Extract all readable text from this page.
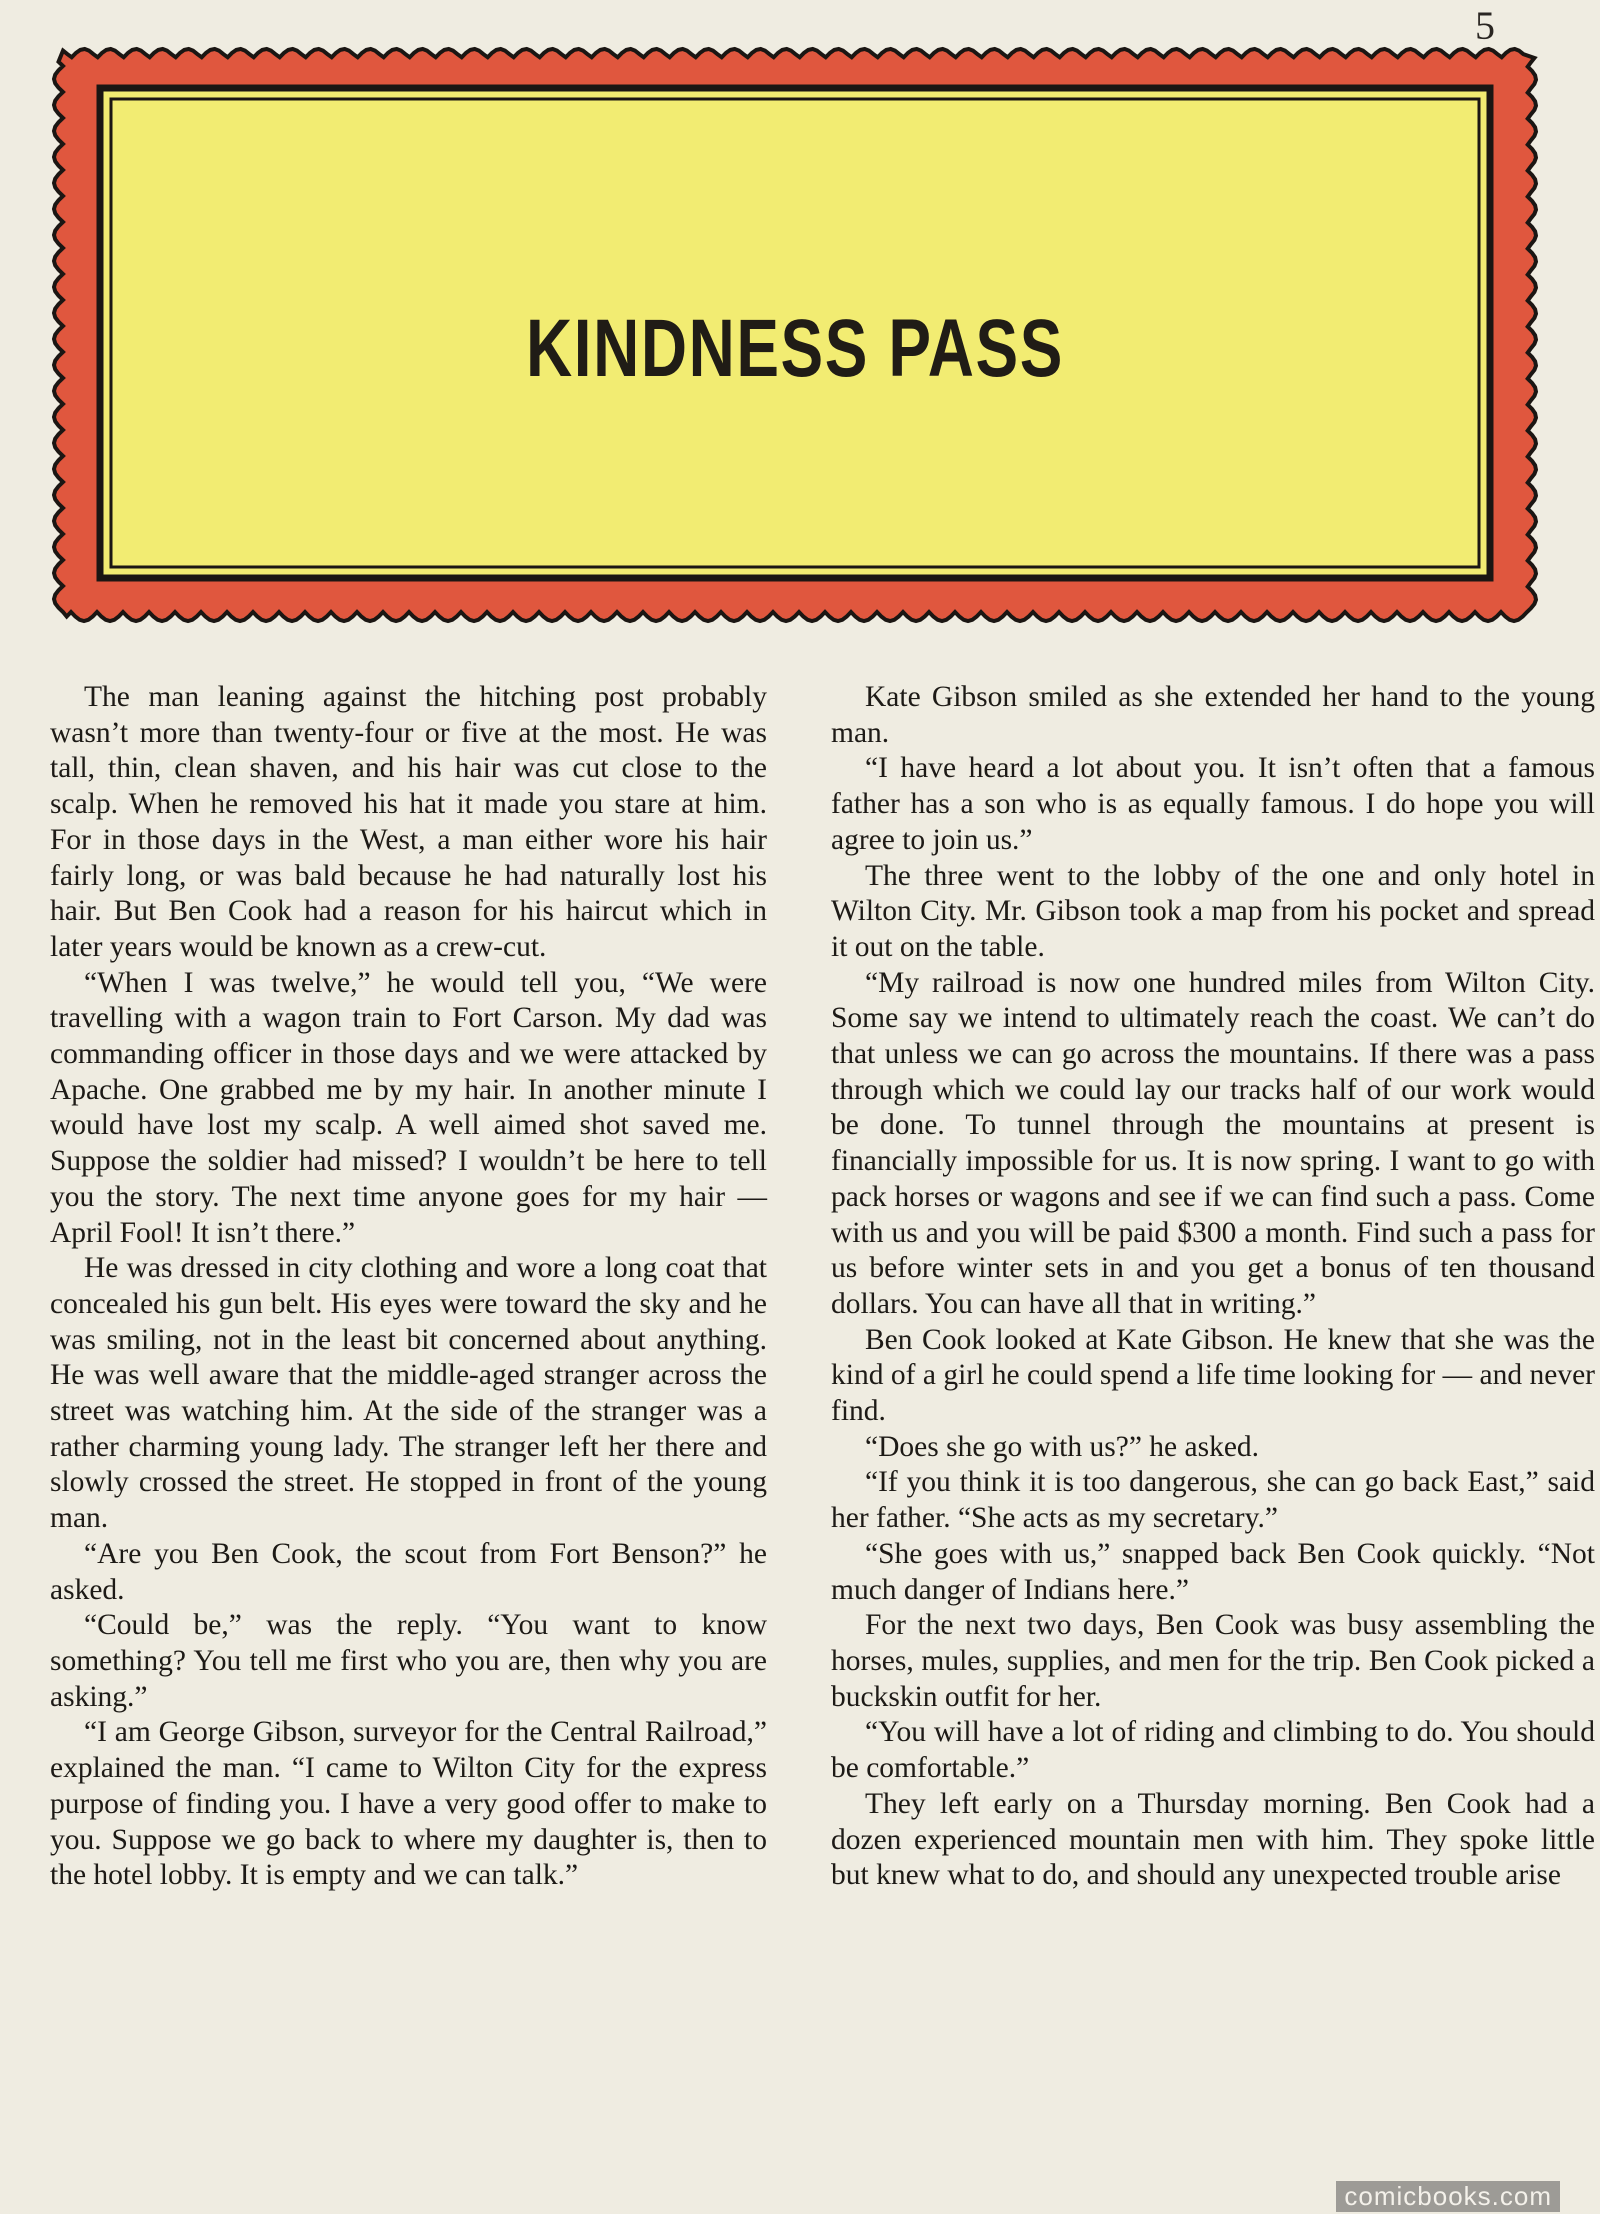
5
KINDNESS PASS

The man leaning against the hitching post probably wasn’t more than twenty-four or five at the most. He was tall, thin, clean shaven, and his hair was cut close to the scalp. When he removed his hat it made you stare at him. For in those days in the West, a man either wore his hair fairly long, or was bald because he had naturally lost his hair. But Ben Cook had a reason for his haircut which in later years would be known as a crew-cut.

“When I was twelve,” he would tell you, “We were travelling with a wagon train to Fort Carson. My dad was commanding officer in those days and we were attacked by Apache. One grabbed me by my hair. In another minute I would have lost my scalp. A well aimed shot saved me. Suppose the soldier had missed? I wouldn’t be here to tell you the story. The next time anyone goes for my hair — April Fool! It isn’t there.”

He was dressed in city clothing and wore a long coat that concealed his gun belt. His eyes were toward the sky and he was smiling, not in the least bit concerned about anything. He was well aware that the middle-aged stranger across the street was watching him. At the side of the stranger was a rather charming young lady. The stranger left her there and slowly crossed the street. He stopped in front of the young man.

“Are you Ben Cook, the scout from Fort Benson?” he asked.

“Could be,” was the reply. “You want to know something? You tell me first who you are, then why you are asking.”

“I am George Gibson, surveyor for the Central Railroad,” explained the man. “I came to Wilton City for the express purpose of finding you. I have a very good offer to make to you. Suppose we go back to where my daughter is, then to the hotel lobby. It is empty and we can talk.”

Kate Gibson smiled as she extended her hand to the young man.

“I have heard a lot about you. It isn’t often that a famous father has a son who is as equally famous. I do hope you will agree to join us.”

The three went to the lobby of the one and only hotel in Wilton City. Mr. Gibson took a map from his pocket and spread it out on the table.

“My railroad is now one hundred miles from Wilton City. Some say we intend to ultimately reach the coast. We can’t do that unless we can go across the mountains. If there was a pass through which we could lay our tracks half of our work would be done. To tunnel through the mountains at present is financially impossible for us. It is now spring. I want to go with pack horses or wagons and see if we can find such a pass. Come with us and you will be paid $300 a month. Find such a pass for us before winter sets in and you get a bonus of ten thousand dollars. You can have all that in writing.”

Ben Cook looked at Kate Gibson. He knew that she was the kind of a girl he could spend a life time looking for — and never find.

“Does she go with us?” he asked.

“If you think it is too dangerous, she can go back East,” said her father. “She acts as my secretary.”

“She goes with us,” snapped back Ben Cook quickly. “Not much danger of Indians here.”

For the next two days, Ben Cook was busy assembling the horses, mules, supplies, and men for the trip. Ben Cook picked a buckskin outfit for her.

“You will have a lot of riding and climbing to do. You should be comfortable.”

They left early on a Thursday morning. Ben Cook had a dozen experienced mountain men with him. They spoke little but knew what to do, and should any unexpected trouble arise

comicbooks.com
